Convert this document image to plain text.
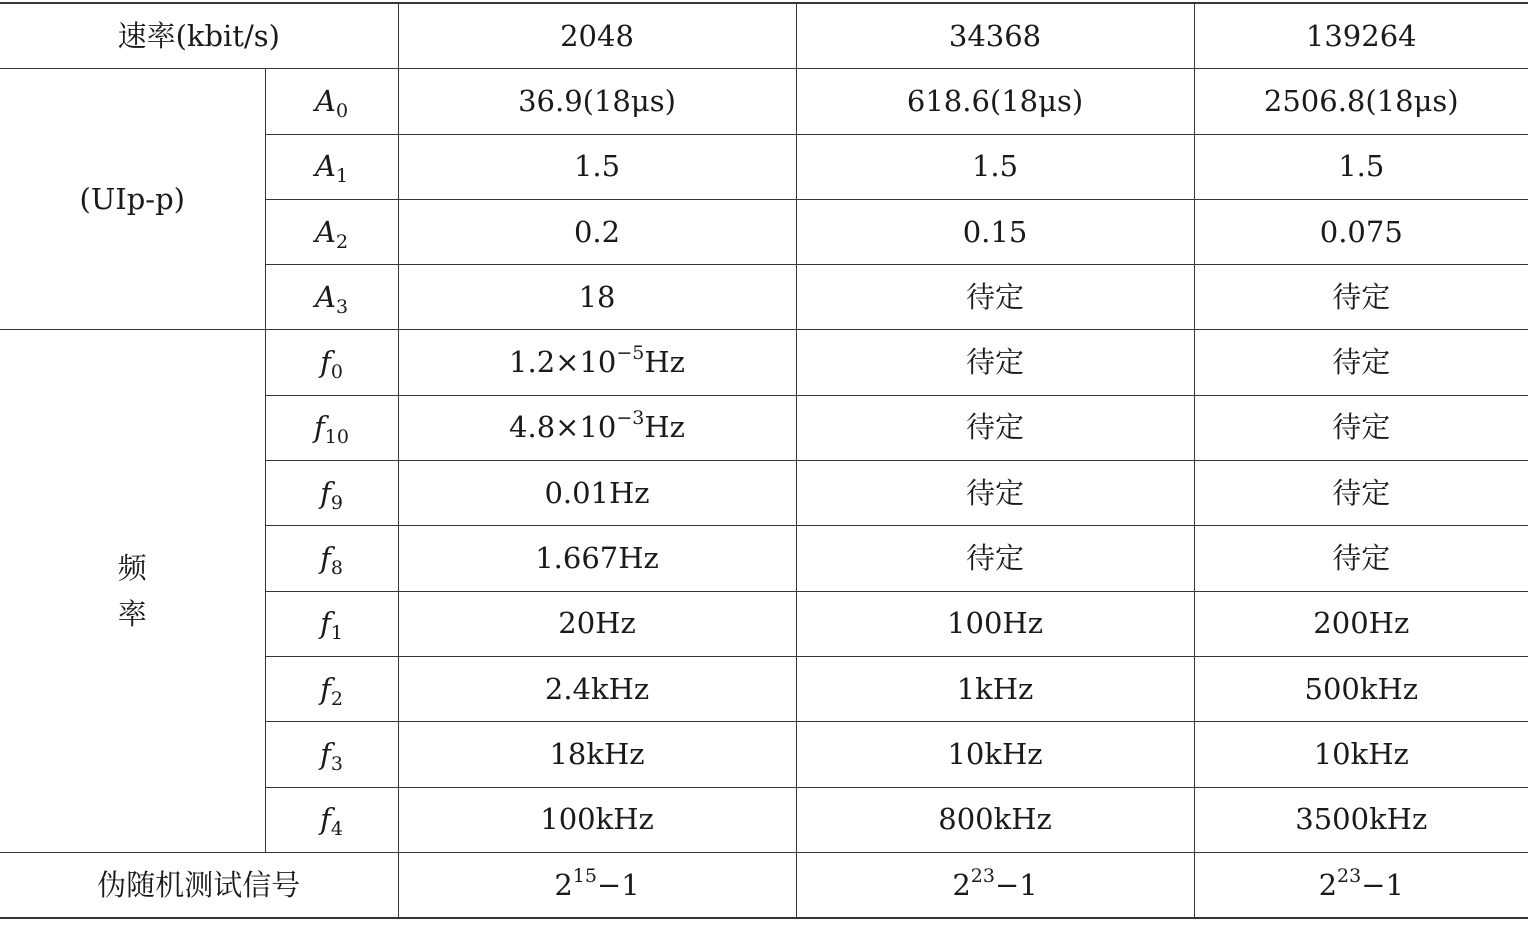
速率(kbit/s)		2048	34368	139264
(UIp-p)	$A_0$	36.9(18μs)	618.6(18μs)	2506.8(18μs)
	$A_1$	1.5	1.5	1.5
	$A_2$	0.2	0.15	0.075
	$A_3$	18	待定	待定
频率	$f_0$	$1.2\times 10^{-5}Hz$	待定	待定
	$f_{10}$	$4.8\times 10^{-3}Hz$	待定	待定
	$f_9$	0.01Hz	待定	待定
	$f_8$	1.667Hz	待定	待定
	$f_1$	20Hz	100Hz	200Hz
	$f_2$	2.4kHz	1kHz	500kHz
	$f_3$	18kHz	10kHz	10kHz
	$f_4$	100kHz	800kHz	3500kHz
伪随机测试信号		$2^{15}-1$	$2^{23}-1$	$2^{23}-1$
